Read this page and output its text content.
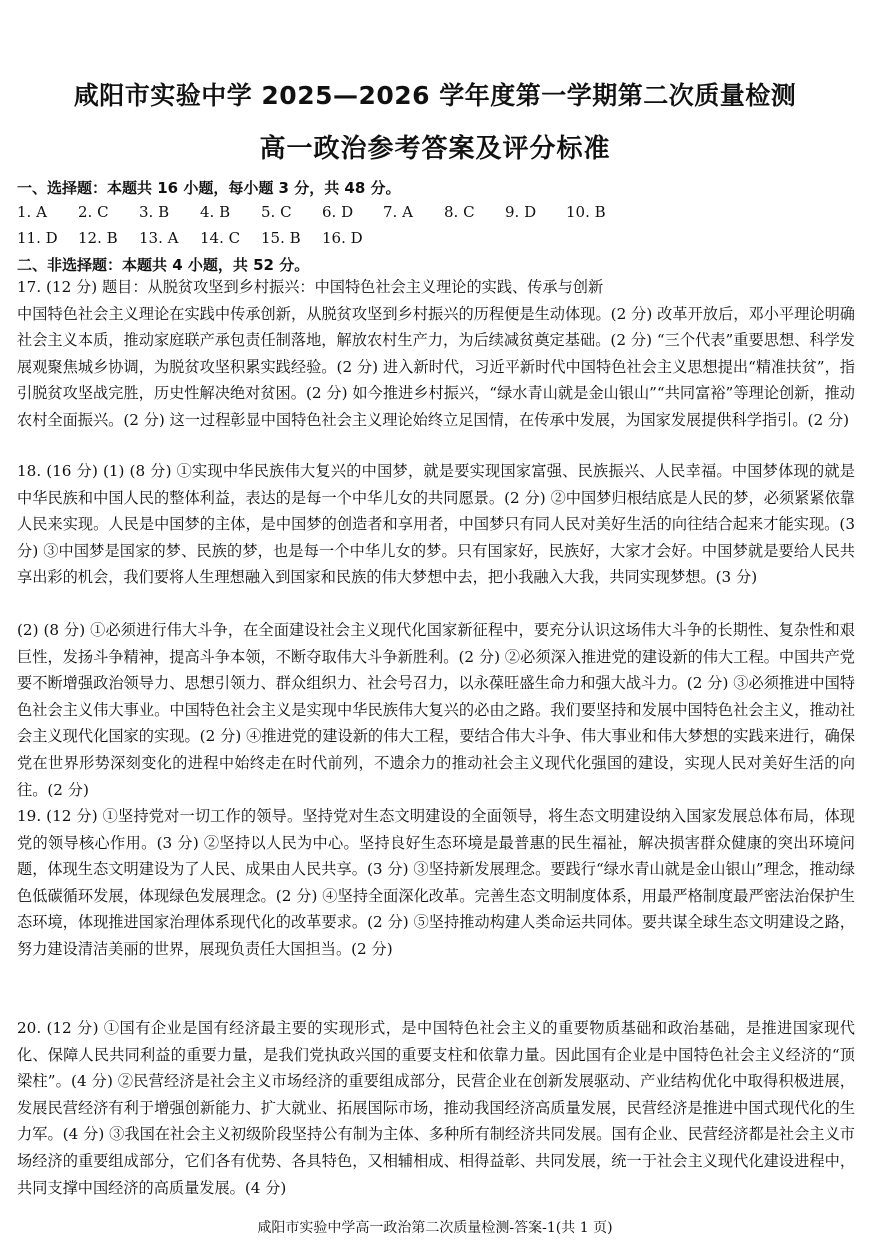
咸阳市实验中学 2025—2026 学年度第一学期第二次质量检测
高一政治参考答案及评分标准
一、选择题：本题共 16 小题，每小题 3 分，共 48 分。
1. A	2. C	3. B	4. B	5. C	6. D	7. A	8. C	9. D	10. B
11. D	12. B	13. A	14. C	15. B	16. D
二、非选择题：本题共 4 小题，共 52 分。
17. (12 分) 题目：从脱贫攻坚到乡村振兴：中国特色社会主义理论的实践、传承与创新
中国特色社会主义理论在实践中传承创新，从脱贫攻坚到乡村振兴的历程便是生动体现。(2 分) 改革开放后，邓小平理论明确社会主义本质，推动家庭联产承包责任制落地，解放农村生产力，为后续减贫奠定基础。(2 分) “三个代表”重要思想、科学发展观聚焦城乡协调，为脱贫攻坚积累实践经验。(2 分) 进入新时代，习近平新时代中国特色社会主义思想提出“精准扶贫”，指引脱贫攻坚战完胜，历史性解决绝对贫困。(2 分) 如今推进乡村振兴，“绿水青山就是金山银山”“共同富裕”等理论创新，推动农村全面振兴。(2 分) 这一过程彰显中国特色社会主义理论始终立足国情，在传承中发展，为国家发展提供科学指引。(2 分)
18. (16 分) (1) (8 分) ①实现中华民族伟大复兴的中国梦，就是要实现国家富强、民族振兴、人民幸福。中国梦体现的就是中华民族和中国人民的整体利益，表达的是每一个中华儿女的共同愿景。(2 分) ②中国梦归根结底是人民的梦，必须紧紧依靠人民来实现。人民是中国梦的主体，是中国梦的创造者和享用者，中国梦只有同人民对美好生活的向往结合起来才能实现。(3 分) ③中国梦是国家的梦、民族的梦，也是每一个中华儿女的梦。只有国家好，民族好，大家才会好。中国梦就是要给人民共享出彩的机会，我们要将人生理想融入到国家和民族的伟大梦想中去，把小我融入大我，共同实现梦想。(3 分)
(2) (8 分) ①必须进行伟大斗争，在全面建设社会主义现代化国家新征程中，要充分认识这场伟大斗争的长期性、复杂性和艰巨性，发扬斗争精神，提高斗争本领，不断夺取伟大斗争新胜利。(2 分) ②必须深入推进党的建设新的伟大工程。中国共产党要不断增强政治领导力、思想引领力、群众组织力、社会号召力，以永葆旺盛生命力和强大战斗力。(2 分) ③必须推进中国特色社会主义伟大事业。中国特色社会主义是实现中华民族伟大复兴的必由之路。我们要坚持和发展中国特色社会主义，推动社会主义现代化国家的实现。(2 分) ④推进党的建设新的伟大工程，要结合伟大斗争、伟大事业和伟大梦想的实践来进行，确保党在世界形势深刻变化的进程中始终走在时代前列，不遗余力的推动社会主义现代化强国的建设，实现人民对美好生活的向往。(2 分)
19. (12 分) ①坚持党对一切工作的领导。坚持党对生态文明建设的全面领导，将生态文明建设纳入国家发展总体布局，体现党的领导核心作用。(3 分) ②坚持以人民为中心。坚持良好生态环境是最普惠的民生福祉，解决损害群众健康的突出环境问题，体现生态文明建设为了人民、成果由人民共享。(3 分) ③坚持新发展理念。要践行“绿水青山就是金山银山”理念，推动绿色低碳循环发展，体现绿色发展理念。(2 分) ④坚持全面深化改革。完善生态文明制度体系，用最严格制度最严密法治保护生态环境，体现推进国家治理体系现代化的改革要求。(2 分) ⑤坚持推动构建人类命运共同体。要共谋全球生态文明建设之路，努力建设清洁美丽的世界，展现负责任大国担当。(2 分)
20. (12 分) ①国有企业是国有经济最主要的实现形式，是中国特色社会主义的重要物质基础和政治基础，是推进国家现代化、保障人民共同利益的重要力量，是我们党执政兴国的重要支柱和依靠力量。因此国有企业是中国特色社会主义经济的“顶梁柱”。(4 分) ②民营经济是社会主义市场经济的重要组成部分，民营企业在创新发展驱动、产业结构优化中取得积极进展，发展民营经济有利于增强创新能力、扩大就业、拓展国际市场，推动我国经济高质量发展，民营经济是推进中国式现代化的生力军。(4 分) ③我国在社会主义初级阶段坚持公有制为主体、多种所有制经济共同发展。国有企业、民营经济都是社会主义市场经济的重要组成部分，它们各有优势、各具特色，又相辅相成、相得益彰、共同发展，统一于社会主义现代化建设进程中，共同支撑中国经济的高质量发展。(4 分)
咸阳市实验中学高一政治第二次质量检测-答案-1(共 1 页)
